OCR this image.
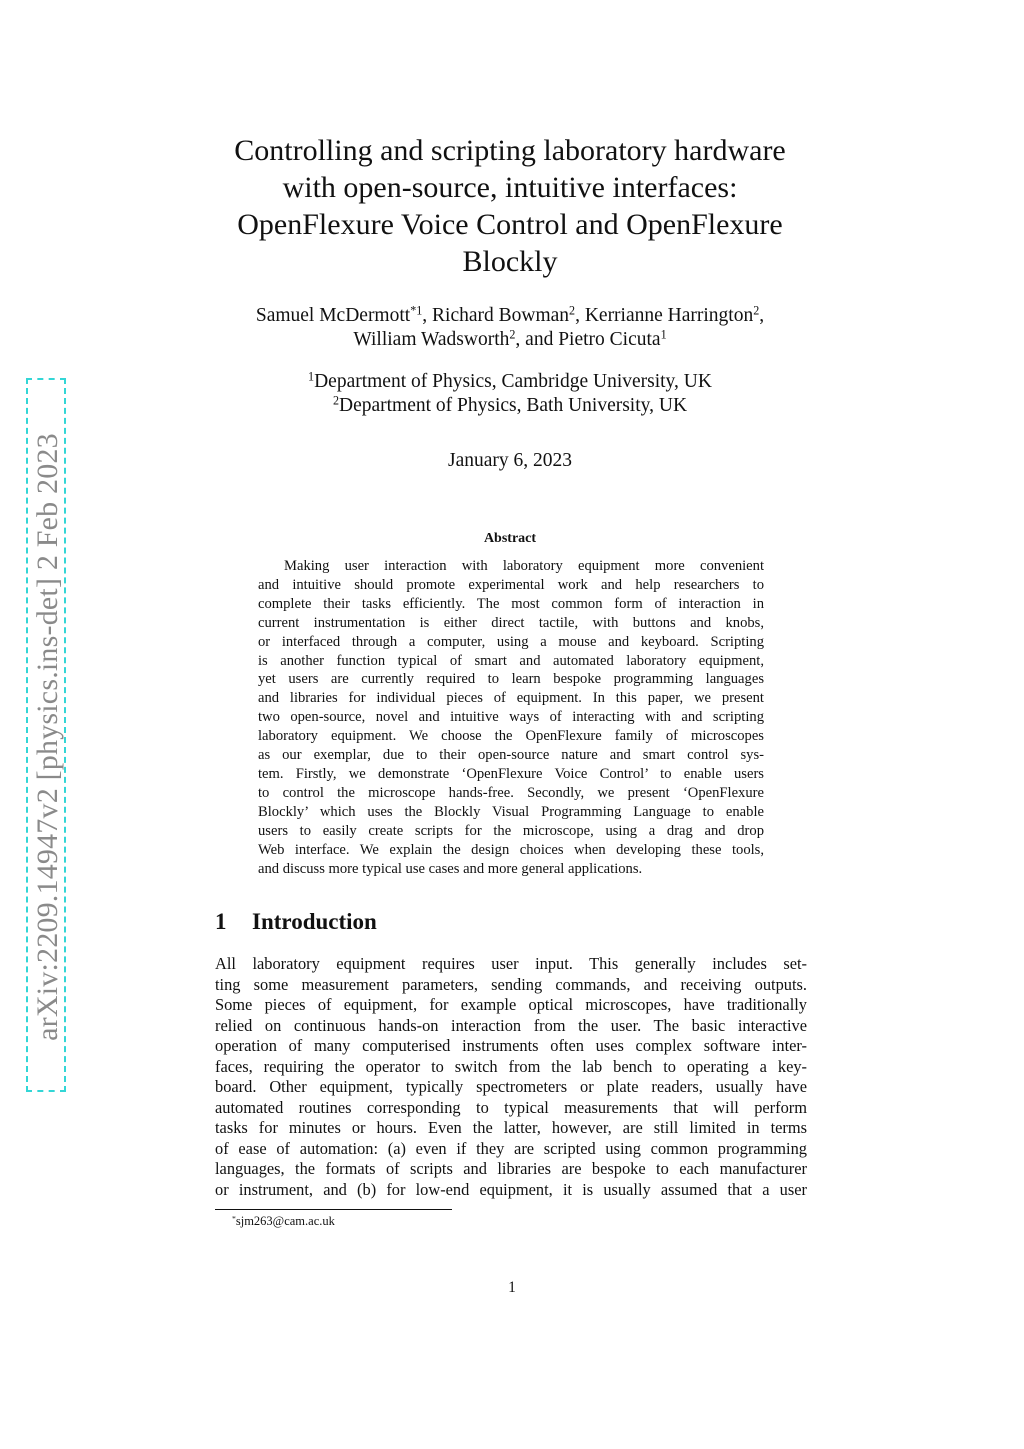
arXiv:2209.14947v2 [physics.ins-det] 2 Feb 2023
Controlling and scripting laboratory hardware
with open-source, intuitive interfaces:
OpenFlexure Voice Control and OpenFlexure
Blockly
Samuel McDermott$^{*1}$, Richard Bowman$^2$, Kerrianne Harrington$^2$,
William Wadsworth$^2$, and Pietro Cicuta$^1$
$^1$Department of Physics, Cambridge University, UK
$^2$Department of Physics, Bath University, UK
January 6, 2023
Abstract
Making user interaction with laboratory equipment more convenient
and intuitive should promote experimental work and help researchers to
complete their tasks efficiently. The most common form of interaction in
current instrumentation is either direct tactile, with buttons and knobs,
or interfaced through a computer, using a mouse and keyboard. Scripting
is another function typical of smart and automated laboratory equipment,
yet users are currently required to learn bespoke programming languages
and libraries for individual pieces of equipment. In this paper, we present
two open-source, novel and intuitive ways of interacting with and scripting
laboratory equipment. We choose the OpenFlexure family of microscopes
as our exemplar, due to their open-source nature and smart control sys-
tem. Firstly, we demonstrate ‘OpenFlexure Voice Control’ to enable users
to control the microscope hands-free. Secondly, we present ‘OpenFlexure
Blockly’ which uses the Blockly Visual Programming Language to enable
users to easily create scripts for the microscope, using a drag and drop
Web interface. We explain the design choices when developing these tools,
and discuss more typical use cases and more general applications.
1 Introduction
All laboratory equipment requires user input. This generally includes set-
ting some measurement parameters, sending commands, and receiving outputs.
Some pieces of equipment, for example optical microscopes, have traditionally
relied on continuous hands-on interaction from the user. The basic interactive
operation of many computerised instruments often uses complex software inter-
faces, requiring the operator to switch from the lab bench to operating a key-
board. Other equipment, typically spectrometers or plate readers, usually have
automated routines corresponding to typical measurements that will perform
tasks for minutes or hours. Even the latter, however, are still limited in terms
of ease of automation: (a) even if they are scripted using common programming
languages, the formats of scripts and libraries are bespoke to each manufacturer
or instrument, and (b) for low-end equipment, it is usually assumed that a user
*sjm263@cam.ac.uk
1
